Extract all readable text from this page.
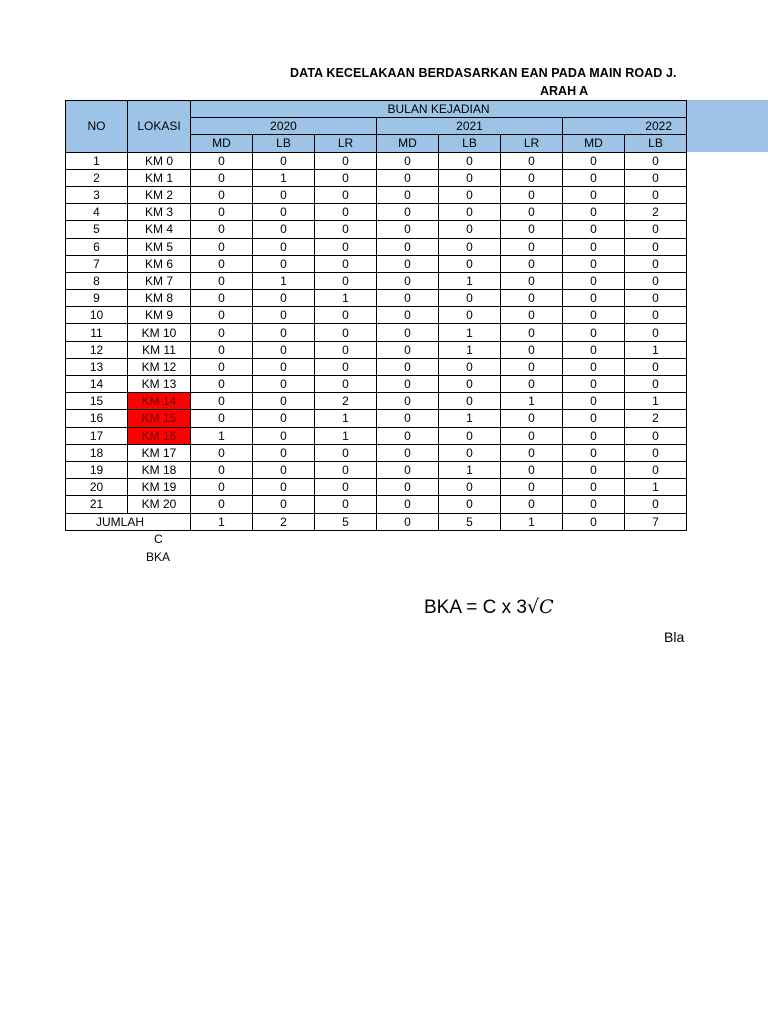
DATA KECELAKAAN BERDASARKAN EAN PADA MAIN ROAD J.
ARAH A
NO	LOKASI	BULAN KEJADIAN							
		2020			2021			2022	
		MD	LB	LR	MD	LB	LR	MD	LB
1	KM 0	0	0	0	0	0	0	0	0
2	KM 1	0	1	0	0	0	0	0	0
3	KM 2	0	0	0	0	0	0	0	0
4	KM 3	0	0	0	0	0	0	0	2
5	KM 4	0	0	0	0	0	0	0	0
6	KM 5	0	0	0	0	0	0	0	0
7	KM 6	0	0	0	0	0	0	0	0
8	KM 7	0	1	0	0	1	0	0	0
9	KM 8	0	0	1	0	0	0	0	0
10	KM 9	0	0	0	0	0	0	0	0
11	KM 10	0	0	0	0	1	0	0	0
12	KM 11	0	0	0	0	1	0	0	1
13	KM 12	0	0	0	0	0	0	0	0
14	KM 13	0	0	0	0	0	0	0	0
15	KM 14	0	0	2	0	0	1	0	1
16	KM 15	0	0	1	0	1	0	0	2
17	KM 16	1	0	1	0	0	0	0	0
18	KM 17	0	0	0	0	0	0	0	0
19	KM 18	0	0	0	0	1	0	0	0
20	KM 19	0	0	0	0	0	0	0	1
21	KM 20	0	0	0	0	0	0	0	0
JUMLAH		1	2	5	0	5	1	0	7
C
BKA
BKA = C x 3√C
Bla
